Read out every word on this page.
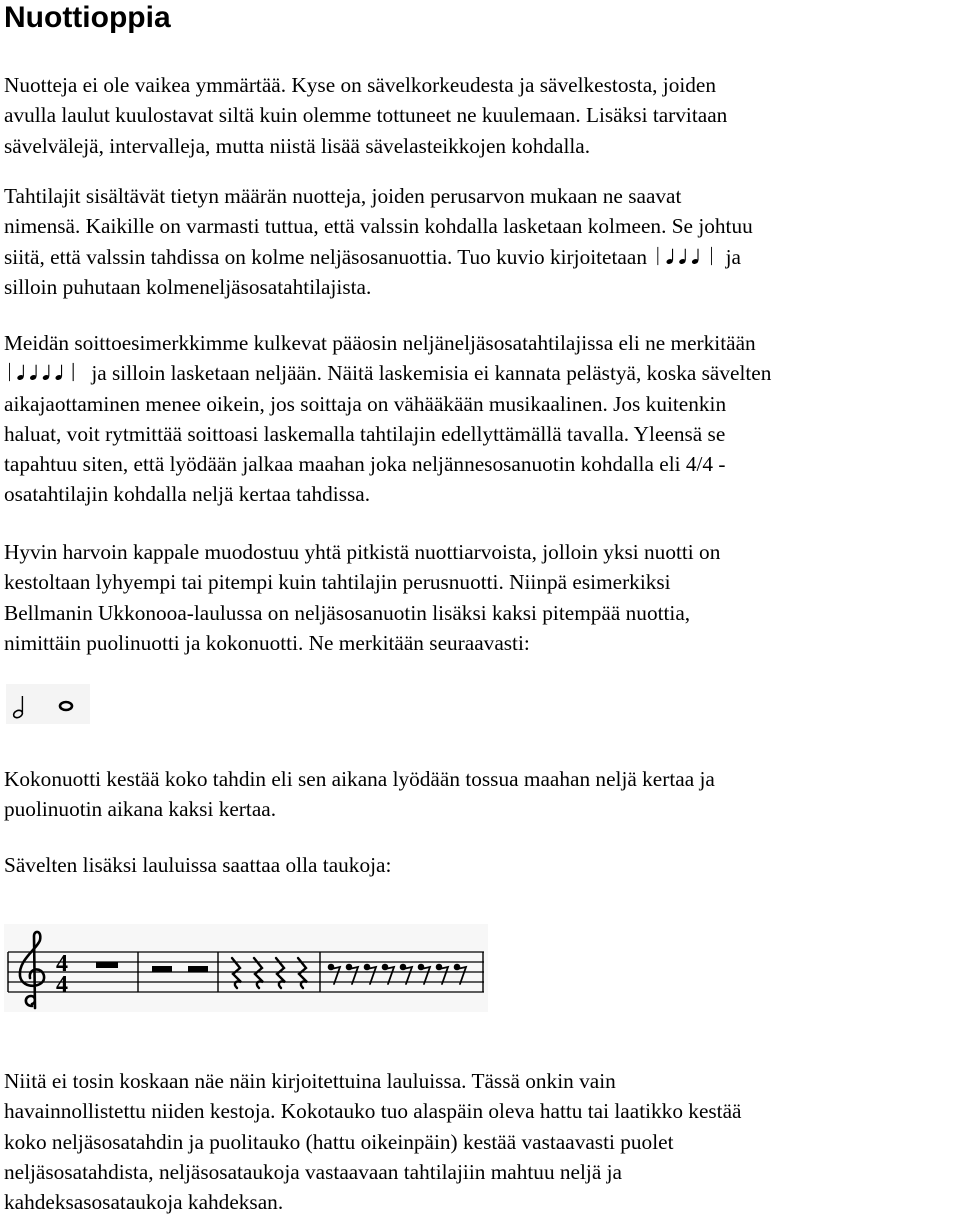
Nuottioppia

Nuotteja ei ole vaikea ymmärtää. Kyse on sävelkorkeudesta ja sävelkestosta, joiden
avulla laulut kuulostavat siltä kuin olemme tottuneet ne kuulemaan. Lisäksi tarvitaan
sävelvälejä, intervalleja, mutta niistä lisää sävelasteikkojen kohdalla.

Tahtilajit sisältävät tietyn määrän nuotteja, joiden perusarvon mukaan ne saavat
nimensä. Kaikille on varmasti tuttua, että valssin kohdalla lasketaan kolmeen. Se johtuu
siitä, että valssin tahdissa on kolme neljäsosanuottia. Tuo kuvio kirjoitetaan	ja
silloin puhutaan kolmeneljäsosatahtilajista.

Meidän soittoesimerkkimme kulkevat pääosin neljäneljäsosatahtilajissa eli ne merkitään
ja silloin lasketaan neljään. Näitä laskemisia ei kannata pelästyä, koska sävelten
aikajaottaminen menee oikein, jos soittaja on vähääkään musikaalinen. Jos kuitenkin
haluat, voit rytmittää soittoasi laskemalla tahtilajin edellyttämällä tavalla. Yleensä se
tapahtuu siten, että lyödään jalkaa maahan joka neljännesosanuotin kohdalla eli 4/4 -
osatahtilajin kohdalla neljä kertaa tahdissa.

Hyvin harvoin kappale muodostuu yhtä pitkistä nuottiarvoista, jolloin yksi nuotti on
kestoltaan lyhyempi tai pitempi kuin tahtilajin perusnuotti. Niinpä esimerkiksi
Bellmanin Ukkonooa-laulussa on neljäsosanuotin lisäksi kaksi pitempää nuottia,
nimittäin puolinuotti ja kokonuotti. Ne merkitään seuraavasti:

Kokonuotti kestää koko tahdin eli sen aikana lyödään tossua maahan neljä kertaa ja
puolinuotin aikana kaksi kertaa.

Sävelten lisäksi lauluissa saattaa olla taukoja:

4
4

Niitä ei tosin koskaan näe näin kirjoitettuina lauluissa. Tässä onkin vain
havainnollistettu niiden kestoja. Kokotauko tuo alaspäin oleva hattu tai laatikko kestää
koko neljäsosatahdin ja puolitauko (hattu oikeinpäin) kestää vastaavasti puolet
neljäsosatahdista, neljäsosataukoja vastaavaan tahtilajiin mahtuu neljä ja
kahdeksasosataukoja kahdeksan.
